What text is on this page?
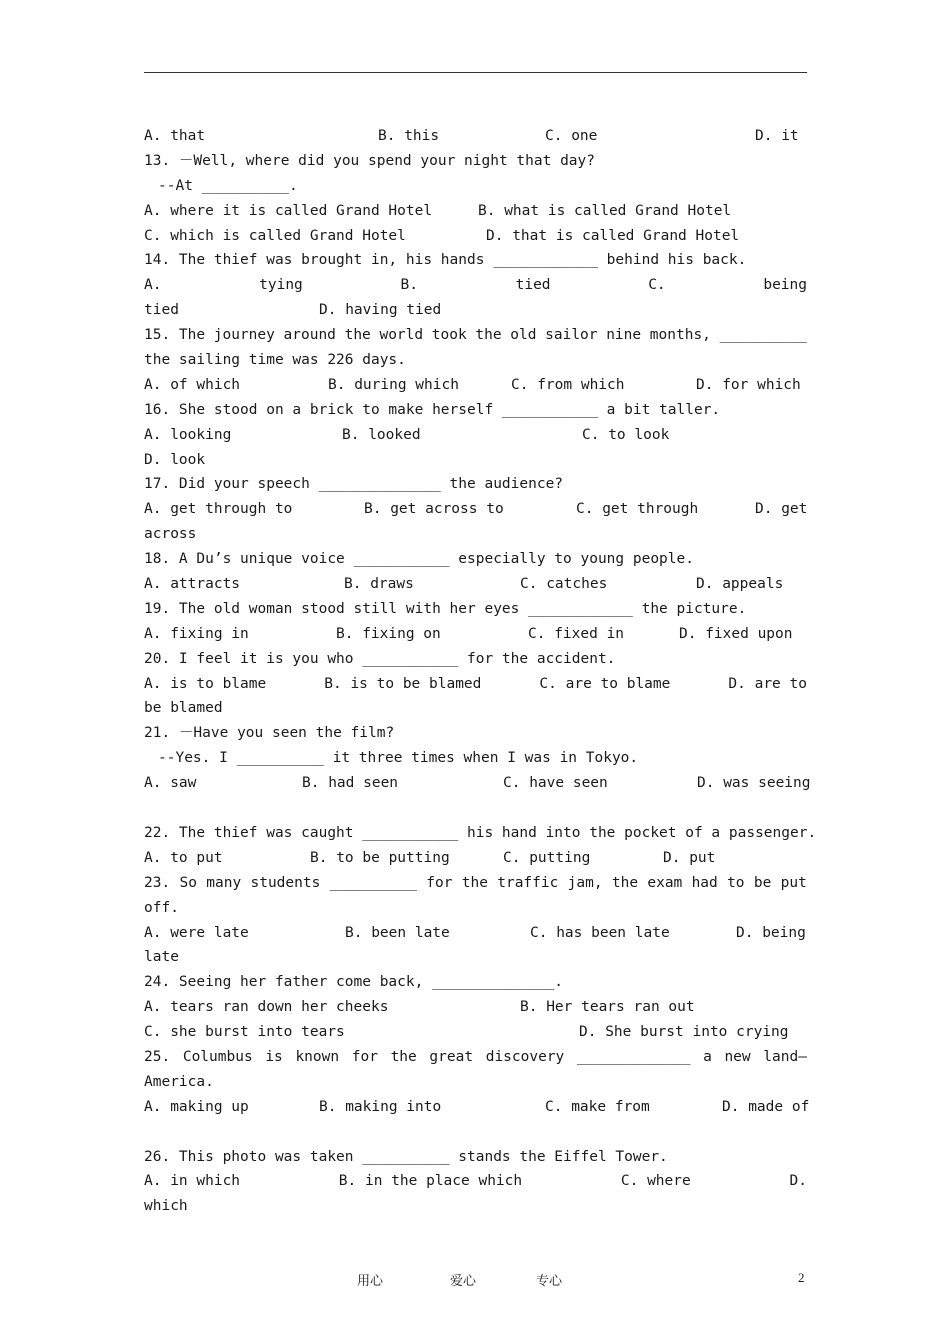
A. that	B. this	C. one	D. it
13. －Well, where did you spend your night that day?
--At __________.
A. where it is called Grand Hotel	B. what is called Grand Hotel
C. which is called Grand Hotel	D. that is called Grand Hotel
14. The thief was brought in, his hands ____________ behind his back.
A.	tying	B.	tied	C.	being
tied	D. having tied
15. The journey around the world took the old sailor nine months, __________
the sailing time was 226 days.
A. of which	B. during which	C. from which	D. for which
16. She stood on a brick to make herself ___________ a bit taller.
A. looking	B. looked	C. to look
D. look
17. Did your speech ______________ the audience?
A. get through to	B. get across to	C. get through	D. get
across
18. A Du’s unique voice ___________ especially to young people.
A. attracts	B. draws	C. catches	D. appeals
19. The old woman stood still with her eyes ____________ the picture.
A. fixing in	B. fixing on	C. fixed in	D. fixed upon
20. I feel it is you who ___________ for the accident.
A. is to blame	B. is to be blamed	C. are to blame	D. are to
be blamed
21. －Have you seen the film?
--Yes. I __________ it three times when I was in Tokyo.
A. saw	B. had seen	C. have seen	D. was seeing
22. The thief was caught ___________ his hand into the pocket of a passenger.
A. to put	B. to be putting	C. putting	D. put
23. So many students __________ for the traffic jam, the exam had to be put
off.
A. were late	B. been late	C. has been late	D. being
late
24. Seeing her father come back, ______________.
A. tears ran down her cheeks	B. Her tears ran out
C. she burst into tears	D. She burst into crying
25. Columbus is known for the great discovery _____________ a new land—
America.
A. making up	B. making into	C. make from	D. made of
26. This photo was taken __________ stands the Eiffel Tower.
A. in which	B. in the place which	C. where	D.
which
用心	爱心	专心	2
